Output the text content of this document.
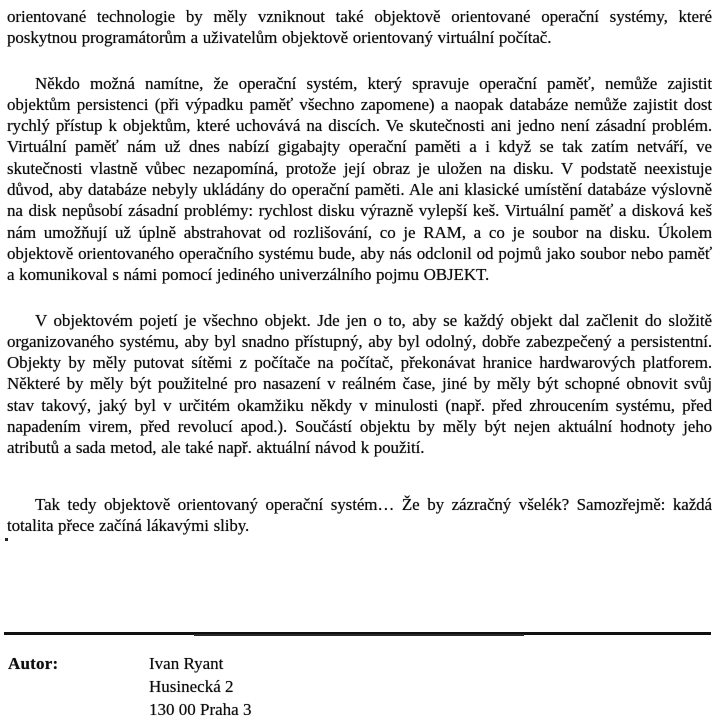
orientované technologie by měly vzniknout také objektově orientované operační systémy, které poskytnou programátorům a uživatelům objektově orientovaný virtuální počítač.

Někdo možná namítne, že operační systém, který spravuje operační paměť, nemůže zajistit objektům persistenci (při výpadku paměť všechno zapomene) a naopak databáze nemůže zajistit dost rychlý přístup k objektům, které uchovává na discích. Ve skutečnosti ani jedno není zásadní problém. Virtuální paměť nám už dnes nabízí gigabajty operační paměti a i když se tak zatím netváří, ve skutečnosti vlastně vůbec nezapomíná, protože její obraz je uložen na disku. V podstatě neexistuje důvod, aby databáze nebyly ukládány do operační paměti. Ale ani klasické umístění databáze výslovně na disk nepůsobí zásadní problémy: rychlost disku výrazně vylepší keš. Virtuální paměť a disková keš nám umožňují už úplně abstrahovat od rozlišování, co je RAM, a co je soubor na disku. Úkolem objektově orientovaného operačního systému bude, aby nás odclonil od pojmů jako soubor nebo paměť a komunikoval s námi pomocí jediného univerzálního pojmu OBJEKT.

V objektovém pojetí je všechno objekt. Jde jen o to, aby se každý objekt dal začlenit do složitě organizovaného systému, aby byl snadno přístupný, aby byl odolný, dobře zabezpečený a persistentní. Objekty by měly putovat sítěmi z počítače na počítač, překonávat hranice hardwarových platforem. Některé by měly být použitelné pro nasazení v reálném čase, jiné by měly být schopné obnovit svůj stav takový, jaký byl v určitém okamžiku někdy v minulosti (např. před zhroucením systému, před napadením virem, před revolucí apod.). Součástí objektu by měly být nejen aktuální hodnoty jeho atributů a sada metod, ale také např. aktuální návod k použití.

Tak tedy objektově orientovaný operační systém… Že by zázračný všelék? Samozřejmě: každá totalita přece začíná lákavými sliby.

Autor:	Ivan Ryant
Husinecká 2
130 00 Praha 3
